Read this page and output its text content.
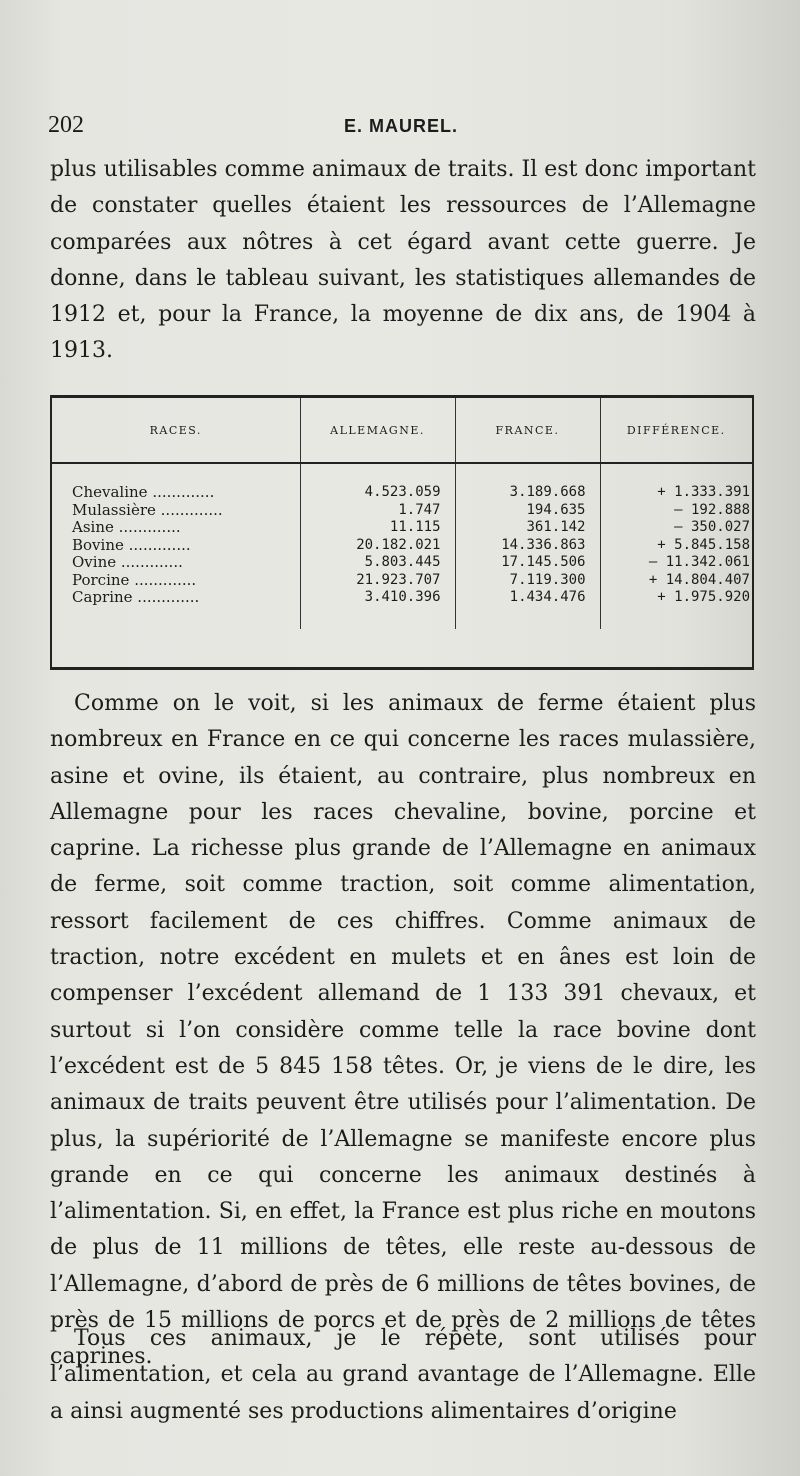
202	E. MAUREL.

plus utilisables comme animaux de traits. Il est donc important de constater quelles étaient les ressources de l’Allemagne comparées aux nôtres à cet égard avant cette guerre. Je donne, dans le tableau suivant, les statistiques allemandes de 1912 et, pour la France, la moyenne de dix ans, de 1904 à 1913.

RACES.	ALLEMAGNE.	FRANCE.	DIFFÉRENCE.
Chevaline .....	4.523.059	3.189.668	+ 1.333.391
Mulassière .....	1.747	194.635	— 192.888
Asine .....	11.115	361.142	— 350.027
Bovine .....	20.182.021	14.336.863	+ 5.845.158
Ovine .....	5.803.445	17.145.506	— 11.342.061
Porcine .....	21.923.707	7.119.300	+ 14.804.407
Caprine .....	3.410.396	1.434.476	+ 1.975.920

Comme on le voit, si les animaux de ferme étaient plus nombreux en France en ce qui concerne les races mulassière, asine et ovine, ils étaient, au contraire, plus nombreux en Allemagne pour les races chevaline, bovine, porcine et caprine. La richesse plus grande de l’Allemagne en animaux de ferme, soit comme traction, soit comme alimentation, ressort facilement de ces chiffres. Comme animaux de traction, notre excédent en mulets et en ânes est loin de compenser l’excédent allemand de 1 133 391 chevaux, et surtout si l’on considère comme telle la race bovine dont l’excédent est de 5 845 158 têtes. Or, je viens de le dire, les animaux de traits peuvent être utilisés pour l’alimentation. De plus, la supériorité de l’Allemagne se manifeste encore plus grande en ce qui concerne les animaux destinés à l’alimentation. Si, en effet, la France est plus riche en moutons de plus de 11 millions de têtes, elle reste au-dessous de l’Allemagne, d’abord de près de 6 millions de têtes bovines, de près de 15 millions de porcs et de près de 2 millions de têtes caprines.

Tous ces animaux, je le répète, sont utilisés pour l’alimentation, et cela au grand avantage de l’Allemagne. Elle a ainsi augmenté ses productions alimentaires d’origine
